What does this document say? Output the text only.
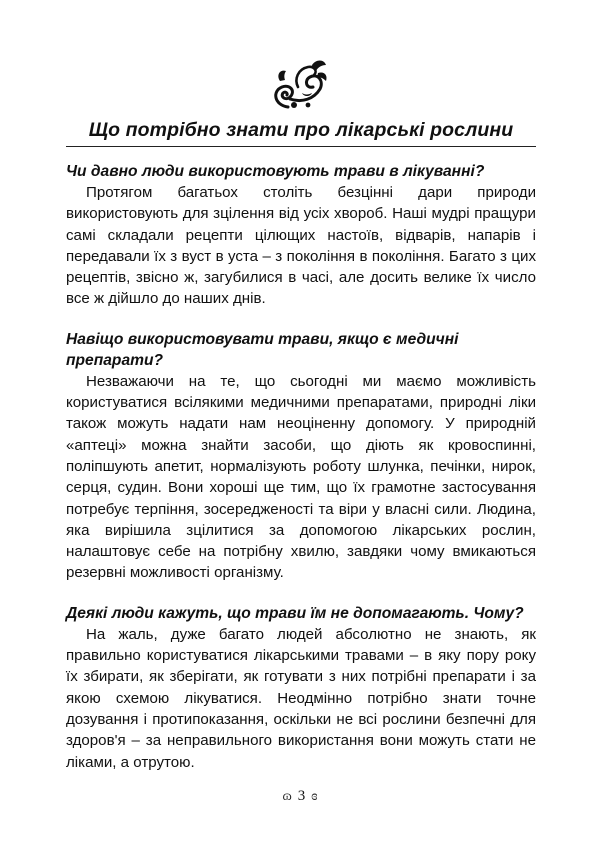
Що потрібно знати про лікарські рослини

Чи давно люди використовують трави в лікуванні?

Протягом багатьох століть безцінні дари природи використовують для зцілення від усіх хвороб. Наші мудрі пращури самі складали рецепти цілющих настоїв, відварів, напарів і передавали їх з вуст в уста – з покоління в покоління. Багато з цих рецептів, звісно ж, загубилися в часі, але досить велике їх число все ж дійшло до наших днів.

Навіщо використовувати трави, якщо є медичні препарати?

Незважаючи на те, що сьогодні ми маємо можливість користуватися всілякими медичними препаратами, природні ліки також можуть надати нам неоціненну допомогу. У природній «аптеці» можна знайти засоби, що діють як кровоспинні, поліпшують апетит, нормалізують роботу шлунка, печінки, нирок, серця, судин. Вони хороші ще тим, що їх грамотне застосування потребує терпіння, зосередженості та віри у власні сили. Людина, яка вирішила зцілитися за допомогою лікарських рослин, налаштовує себе на потрібну хвилю, завдяки чому вмикаються резервні можливості організму.

Деякі люди кажуть, що трави їм не допомагають. Чому?

На жаль, дуже багато людей абсолютно не знають, як правильно користуватися лікарськими травами – в яку пору року їх збирати, як зберігати, як готувати з них потрібні препарати і за якою схемою лікуватися. Неодмінно потрібно знати точне дозування і протипоказання, оскільки не всі рослини безпечні для здоров'я – за неправильного використання вони можуть стати не ліками, а отрутою.

ɷ 3 ɞ
